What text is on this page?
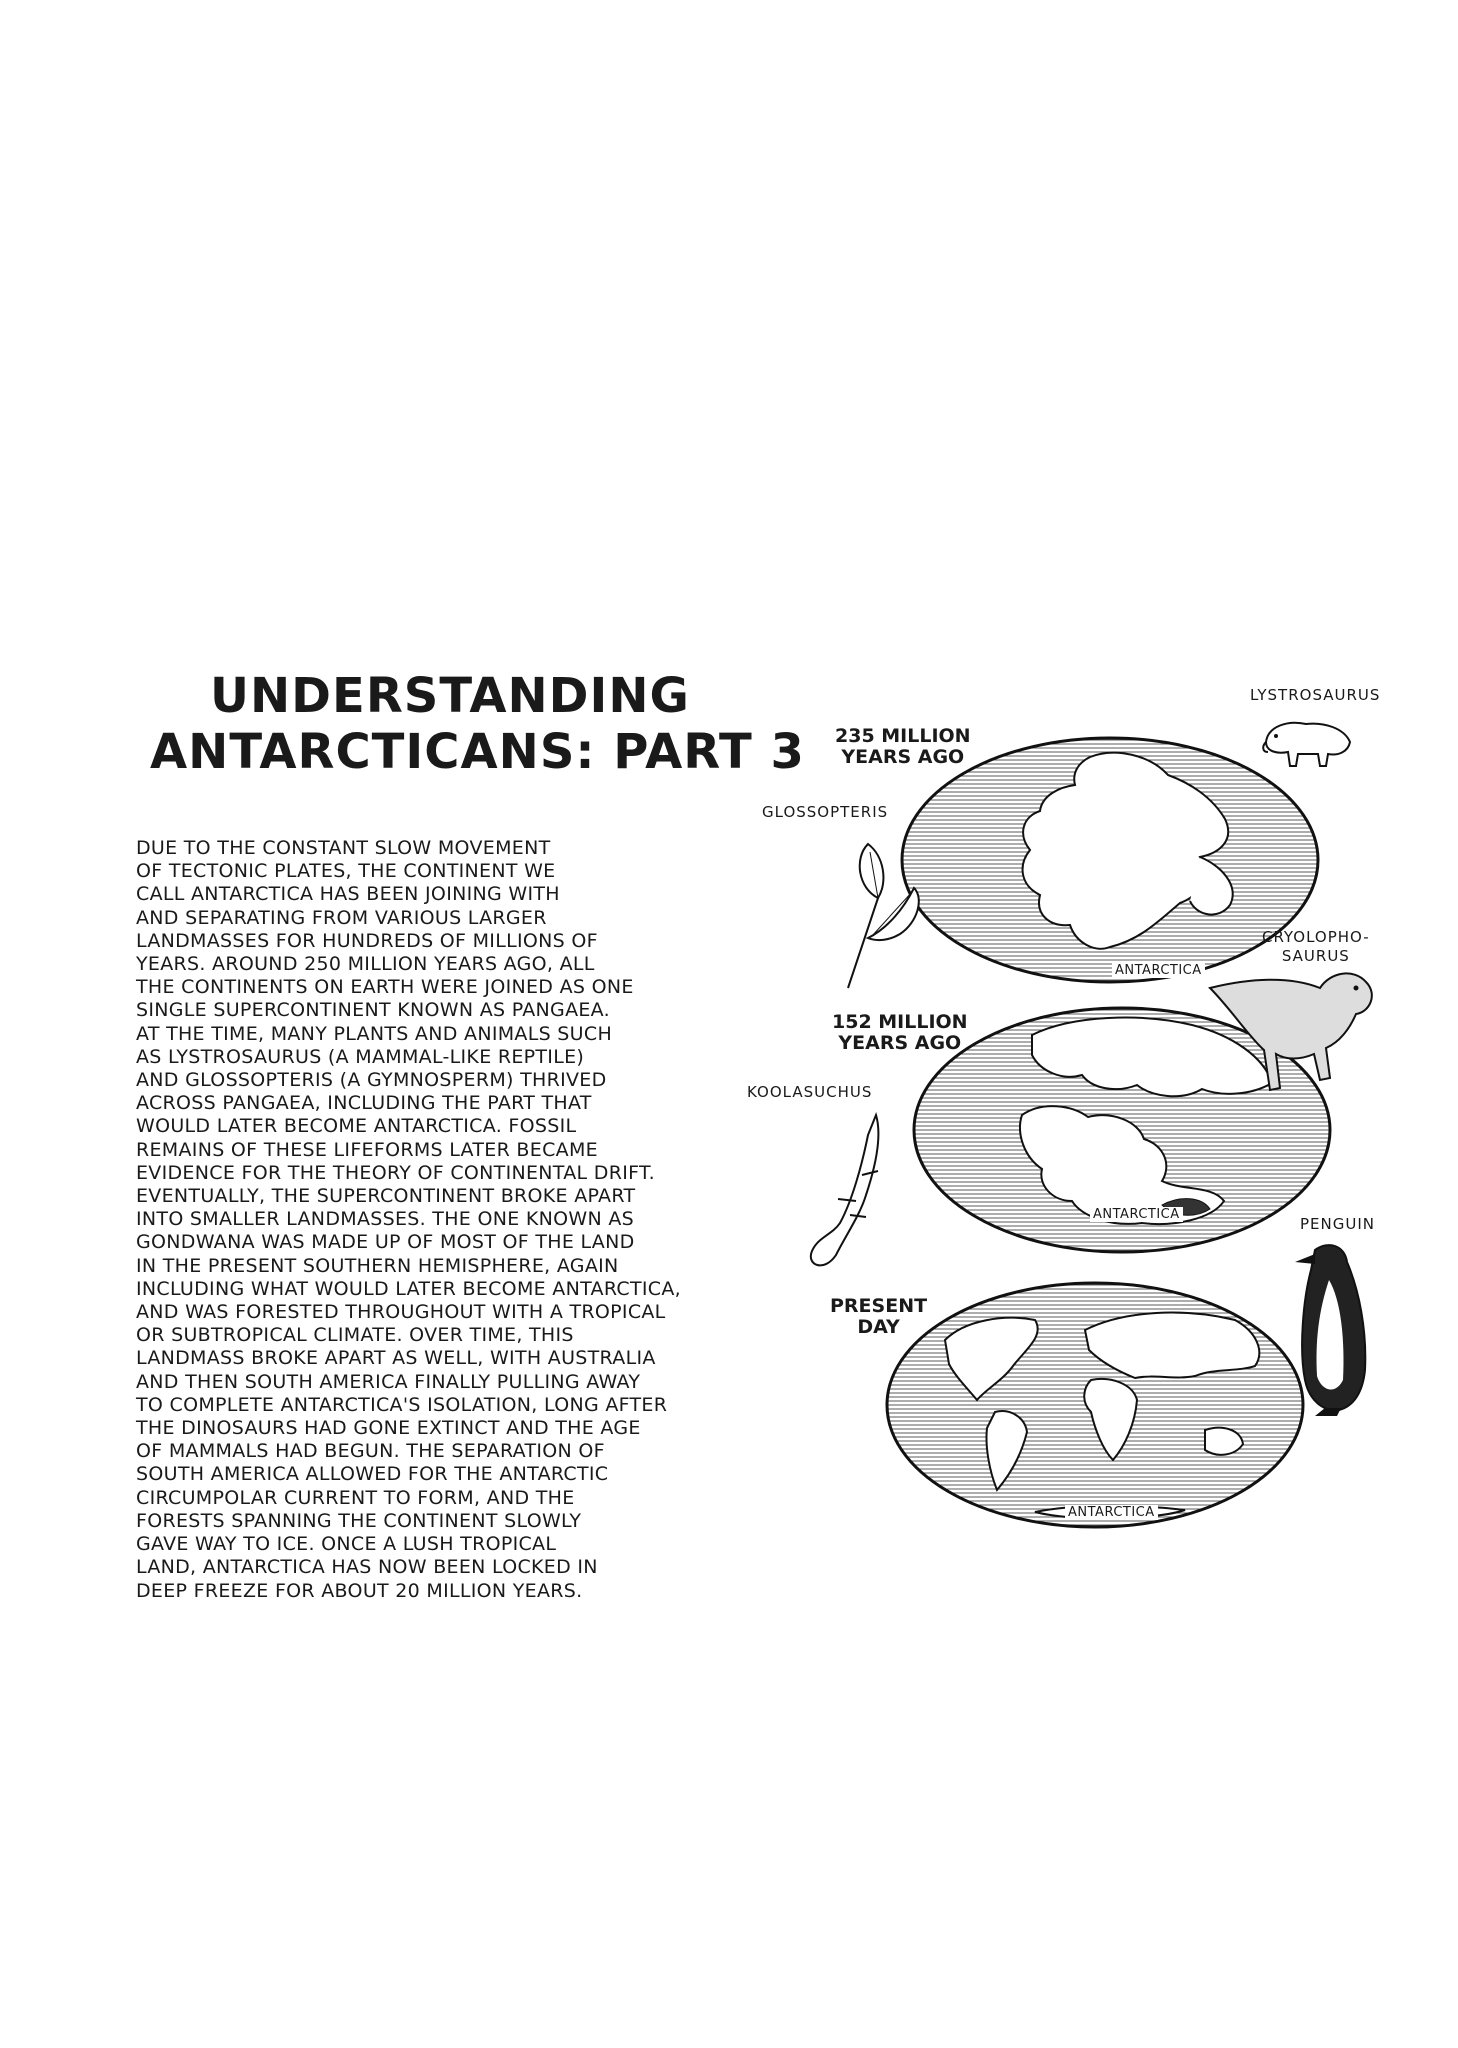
UNDERSTANDING
ANTARCTICANS: PART 3
DUE TO THE CONSTANT SLOW MOVEMENT
OF TECTONIC PLATES, THE CONTINENT WE
CALL ANTARCTICA HAS BEEN JOINING WITH
AND SEPARATING FROM VARIOUS LARGER
LANDMASSES FOR HUNDREDS OF MILLIONS OF
YEARS. AROUND 250 MILLION YEARS AGO, ALL
THE CONTINENTS ON EARTH WERE JOINED AS ONE
SINGLE SUPERCONTINENT KNOWN AS PANGAEA.
AT THE TIME, MANY PLANTS AND ANIMALS SUCH
AS LYSTROSAURUS (A MAMMAL-LIKE REPTILE)
AND GLOSSOPTERIS (A GYMNOSPERM) THRIVED
ACROSS PANGAEA, INCLUDING THE PART THAT
WOULD LATER BECOME ANTARCTICA. FOSSIL
REMAINS OF THESE LIFEFORMS LATER BECAME
EVIDENCE FOR THE THEORY OF CONTINENTAL DRIFT.
EVENTUALLY, THE SUPERCONTINENT BROKE APART
INTO SMALLER LANDMASSES. THE ONE KNOWN AS
GONDWANA WAS MADE UP OF MOST OF THE LAND
IN THE PRESENT SOUTHERN HEMISPHERE, AGAIN
INCLUDING WHAT WOULD LATER BECOME ANTARCTICA,
AND WAS FORESTED THROUGHOUT WITH A TROPICAL
OR SUBTROPICAL CLIMATE. OVER TIME, THIS
LANDMASS BROKE APART AS WELL, WITH AUSTRALIA
AND THEN SOUTH AMERICA FINALLY PULLING AWAY
TO COMPLETE ANTARCTICA'S ISOLATION, LONG AFTER
THE DINOSAURS HAD GONE EXTINCT AND THE AGE
OF MAMMALS HAD BEGUN. THE SEPARATION OF
SOUTH AMERICA ALLOWED FOR THE ANTARCTIC
CIRCUMPOLAR CURRENT TO FORM, AND THE
FORESTS SPANNING THE CONTINENT SLOWLY
GAVE WAY TO ICE. ONCE A LUSH TROPICAL
LAND, ANTARCTICA HAS NOW BEEN LOCKED IN
DEEP FREEZE FOR ABOUT 20 MILLION YEARS.
235 MILLION
YEARS AGO
152 MILLION
YEARS AGO
PRESENT
DAY
ANTARCTICA
ANTARCTICA
ANTARCTICA
LYSTROSAURUS
GLOSSOPTERIS
CRYOLOPHO-
SAURUS
KOOLASUCHUS
PENGUIN
